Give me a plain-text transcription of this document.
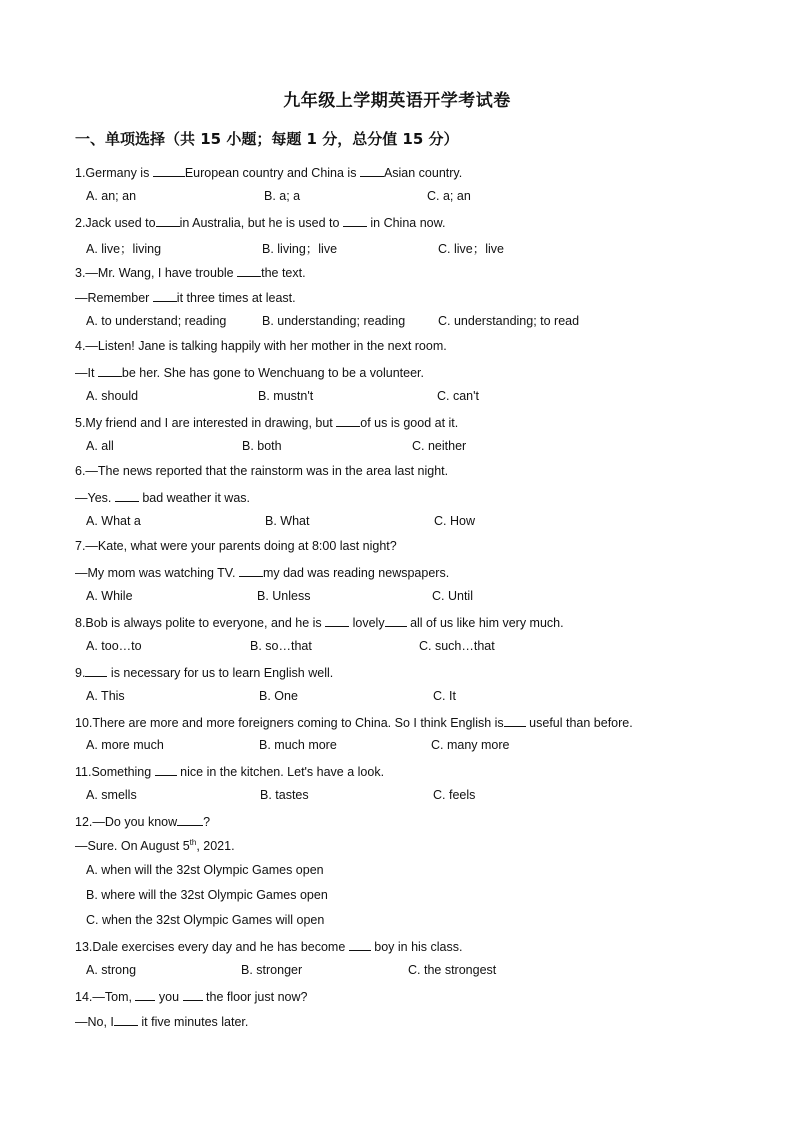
九年级上学期英语开学考试卷
一、单项选择（共 15 小题；每题 1 分，总分值 15 分）
1.Germany is	European country and China is Asian country.
A. an; an	B. a; a	C. a; an
2.Jack used to in Australia, but he is used to  in China now.
A. live；living	B. living；live	C. live；live
3.—Mr. Wang, I have trouble the text.
—Remember it three times at least.
A. to understand; reading	B. understanding; reading	C. understanding; to read
4.—Listen! Jane is talking happily with her mother in the next room.
—It be her. She has gone to Wenchuang to be a volunteer.
A. should	B. mustn't	C. can't
5.My friend and I are interested in drawing, but of us is good at it.
A. all	B. both	C. neither
6.—The news reported that the rainstorm was in the area last night.
—Yes.  bad weather it was.
A. What a	B. What	C. How
7.—Kate, what were your parents doing at 8:00 last night?
—My mom was watching TV. my dad was reading newspapers.
A. While	B. Unless	C. Until
8.Bob is always polite to everyone, and he is  lovely all of us like him very much.
A. too…to	B. so…that	C. such…that
9. is necessary for us to learn English well.
A. This	B. One	C. It
10.There are more and more foreigners coming to China. So I think English is useful than before.
A. more much	B. much more	C. many more
11.Something  nice in the kitchen. Let's have a look.
A. smells	B. tastes	C. feels
12.—Do you know ?
—Sure. On August 5th, 2021.
A. when will the 32st Olympic Games open
B. where will the 32st Olympic Games open
C. when the 32st Olympic Games will open
13.Dale exercises every day and he has become  boy in his class.
A. strong	B. stronger	C. the strongest
14.—Tom,  you  the floor just now?
—No, I it five minutes later.
